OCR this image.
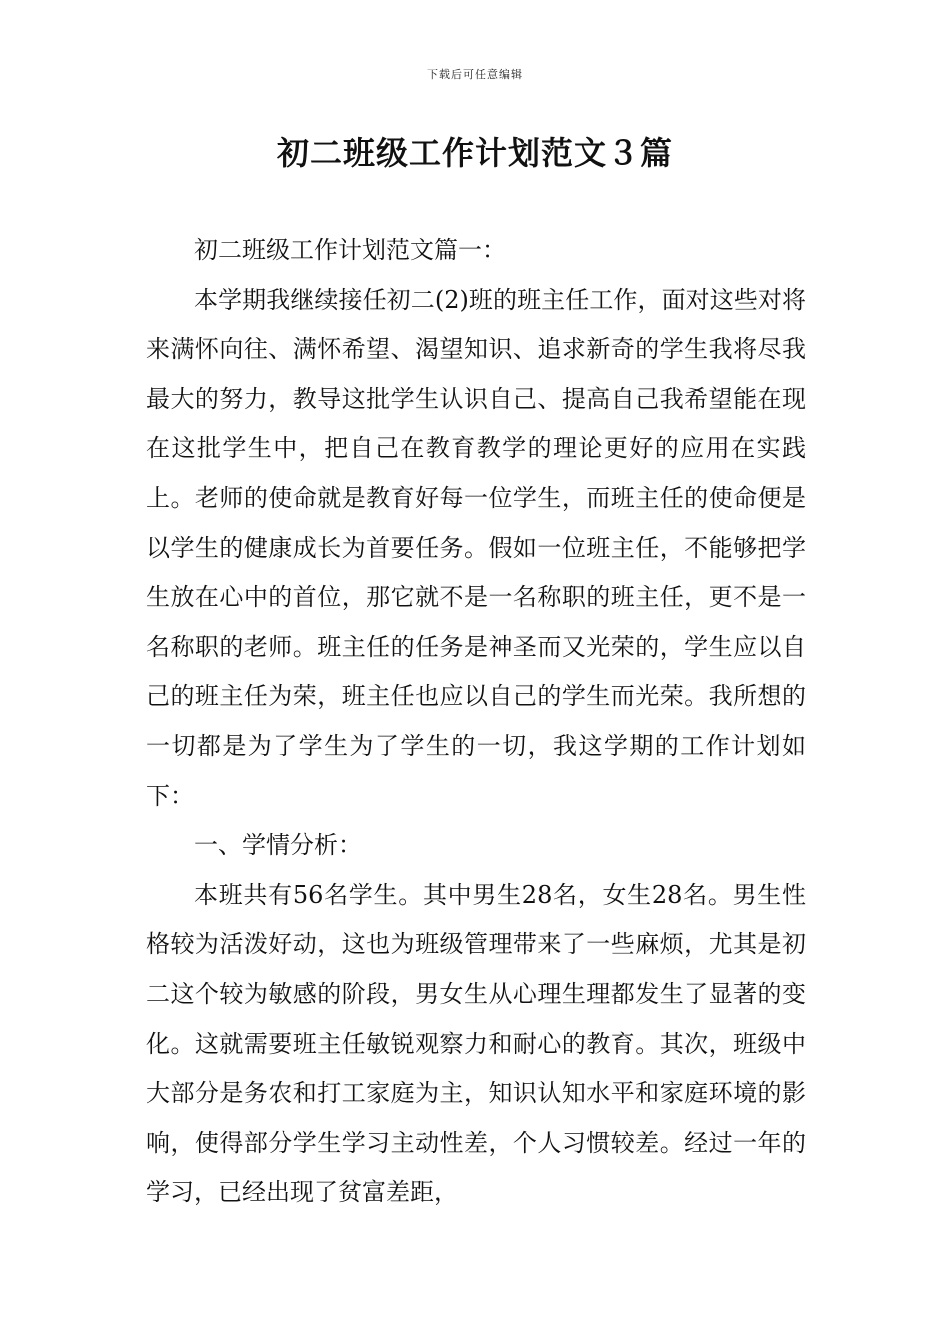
下载后可任意编辑
初二班级工作计划范文３篇

初二班级工作计划范文篇一：

本学期我继续接任初二(2)班的班主任工作，面对这些对将来满怀向往、满怀希望、渴望知识、追求新奇的学生我将尽我最大的努力，教导这批学生认识自己、提高自己我希望能在现在这批学生中，把自己在教育教学的理论更好的应用在实践上。老师的使命就是教育好每一位学生，而班主任的使命便是以学生的健康成长为首要任务。假如一位班主任，不能够把学生放在心中的首位，那它就不是一名称职的班主任，更不是一名称职的老师。班主任的任务是神圣而又光荣的，学生应以自己的班主任为荣，班主任也应以自己的学生而光荣。我所想的一切都是为了学生为了学生的一切，我这学期的工作计划如下：

一、学情分析：

本班共有56名学生。其中男生28名，女生28名。男生性格较为活泼好动，这也为班级管理带来了一些麻烦，尤其是初二这个较为敏感的阶段，男女生从心理生理都发生了显著的变化。这就需要班主任敏锐观察力和耐心的教育。其次，班级中大部分是务农和打工家庭为主，知识认知水平和家庭环境的影响，使得部分学生学习主动性差，个人习惯较差。经过一年的学习，已经出现了贫富差距，
